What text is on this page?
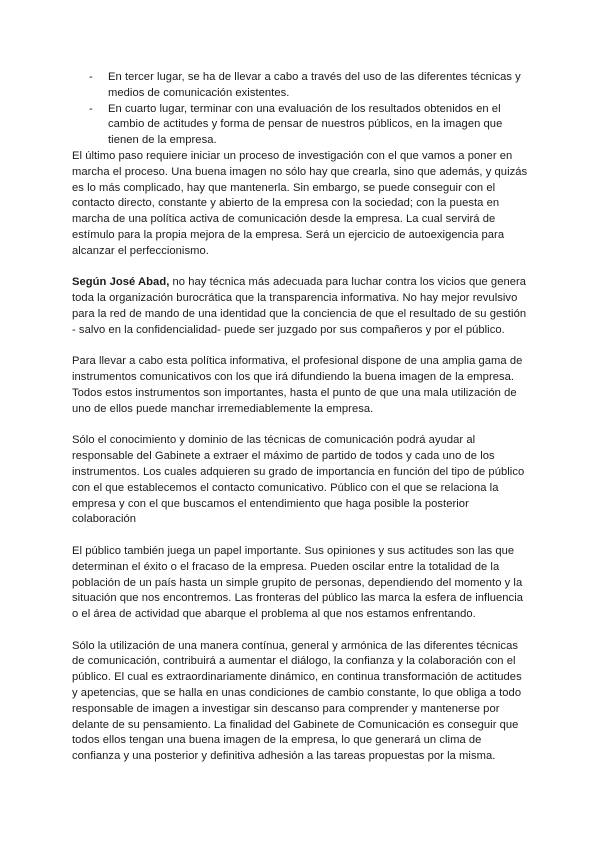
- En tercer lugar, se ha de llevar a cabo a través del uso de las diferentes técnicas y medios de comunicación existentes.
- En cuarto lugar, terminar con una evaluación de los resultados obtenidos en el cambio de actitudes y forma de pensar de nuestros públicos, en la imagen que tienen de la empresa.

El último paso requiere iniciar un proceso de investigación con el que vamos a poner en marcha el proceso. Una buena imagen no sólo hay que crearla, sino que además, y quizás es lo más complicado, hay que mantenerla. Sin embargo, se puede conseguir con el contacto directo, constante y abierto de la empresa con la sociedad; con la puesta en marcha de una política activa de comunicación desde la empresa. La cual servirá de estímulo para la propia mejora de la empresa. Será un ejercicio de autoexigencia para alcanzar el perfeccionismo.

Según José Abad, no hay técnica más adecuada para luchar contra los vicios que genera toda la organización burocrática que la transparencia informativa. No hay mejor revulsivo para la red de mando de una identidad que la conciencia de que el resultado de su gestión - salvo en la confidencialidad- puede ser juzgado por sus compañeros y por el público.

Para llevar a cabo esta política informativa, el profesional dispone de una amplia gama de instrumentos comunicativos con los que irá difundiendo la buena imagen de la empresa. Todos estos instrumentos son importantes, hasta el punto de que una mala utilización de uno de ellos puede manchar irremediablemente la empresa.

Sólo el conocimiento y dominio de las técnicas de comunicación podrá ayudar al responsable del Gabinete a extraer el máximo de partido de todos y cada uno de los instrumentos. Los cuales adquieren su grado de importancia en función del tipo de público con el que establecemos el contacto comunicativo. Público con el que se relaciona la empresa y con el que buscamos el entendimiento que haga posible la posterior colaboración

El público también juega un papel importante. Sus opiniones y sus actitudes son las que determinan el éxito o el fracaso de la empresa. Pueden oscilar entre la totalidad de la población de un país hasta un simple grupito de personas, dependiendo del momento y la situación que nos encontremos. Las fronteras del público las marca la esfera de influencia o el área de actividad que abarque el problema al que nos estamos enfrentando.

Sólo la utilización de una manera contínua, general y armónica de las diferentes técnicas de comunicación, contribuirá a aumentar el diálogo, la confianza y la colaboración con el público. El cual es extraordinariamente dinámico, en continua transformación de actitudes y apetencias, que se halla en unas condiciones de cambio constante, lo que obliga a todo responsable de imagen a investigar sin descanso para comprender y mantenerse por delante de su pensamiento. La finalidad del Gabinete de Comunicación es conseguir que todos ellos tengan una buena imagen de la empresa, lo que generará un clima de confianza y una posterior y definitiva adhesión a las tareas propuestas por la misma.
